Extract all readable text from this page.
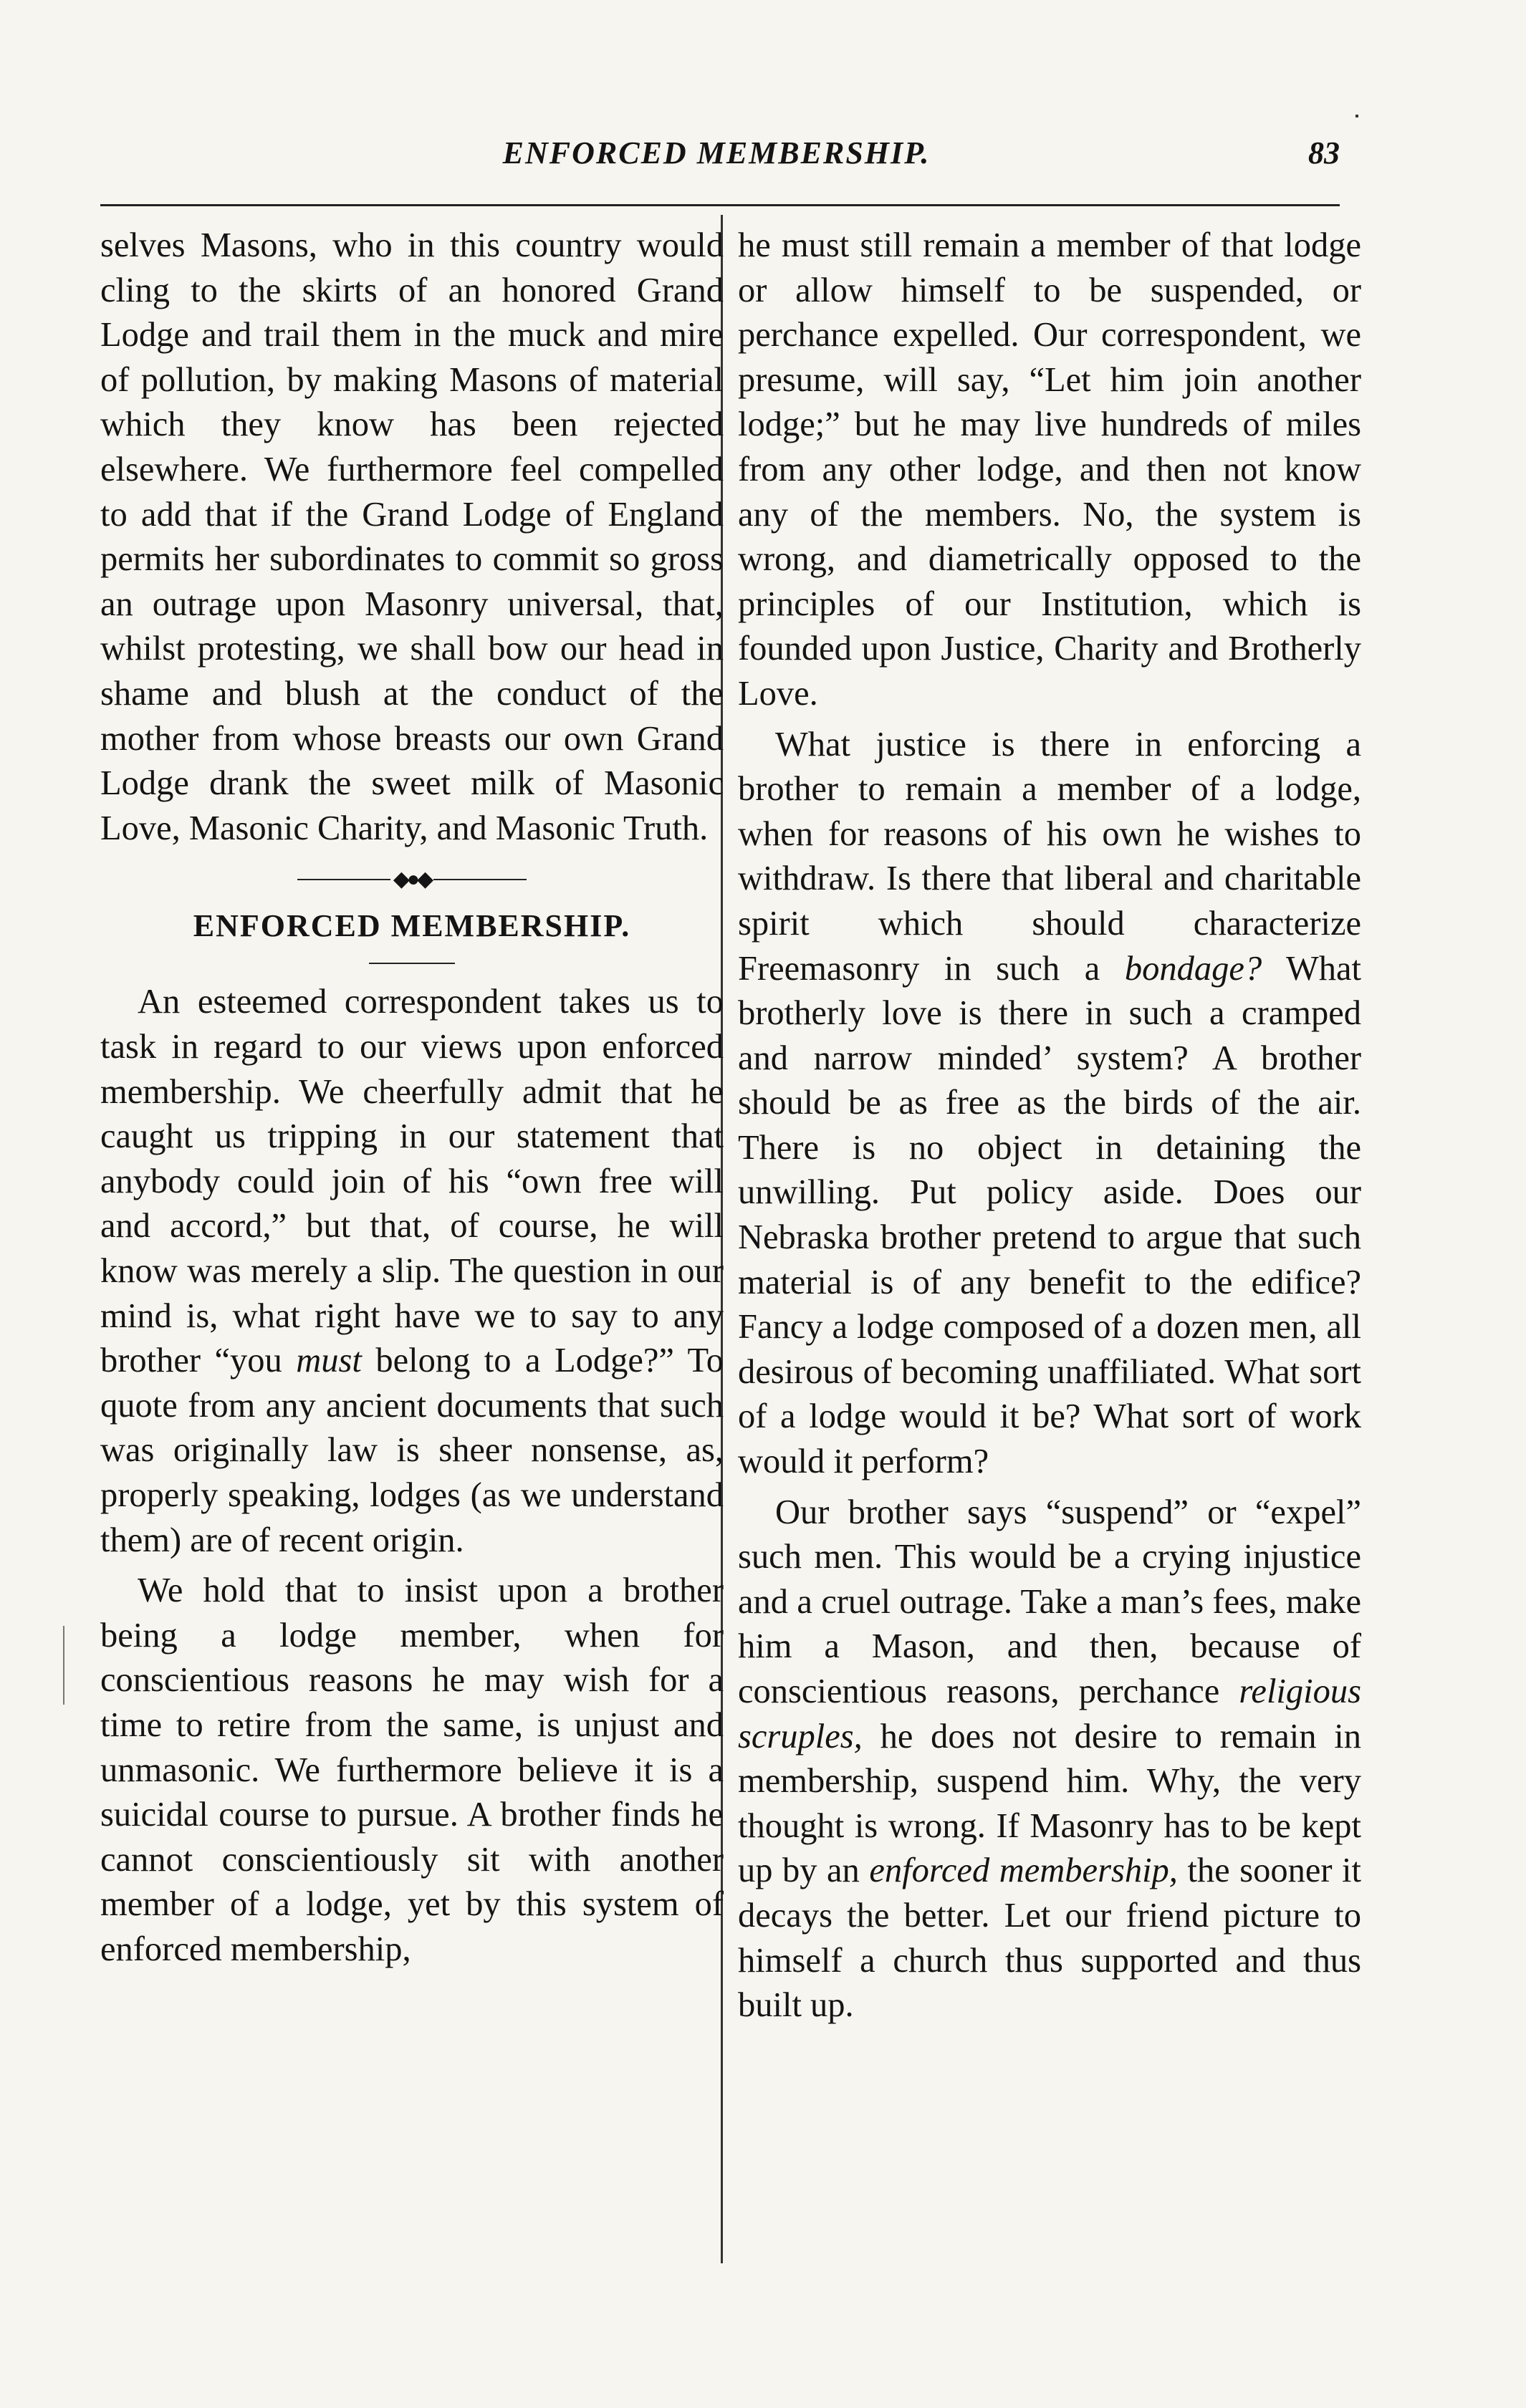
ENFORCED MEMBERSHIP.	83

selves Masons, who in this country would cling to the skirts of an honored Grand Lodge and trail them in the muck and mire of pollution, by making Masons of material which they know has been rejected elsewhere. We furthermore feel compelled to add that if the Grand Lodge of England permits her subordinates to commit so gross an outrage upon Masonry universal, that, whilst protesting, we shall bow our head in shame and blush at the conduct of the mother from whose breasts our own Grand Lodge drank the sweet milk of Masonic Love, Masonic Charity, and Masonic Truth.

◆●◆
ENFORCED MEMBERSHIP.

An esteemed correspondent takes us to task in regard to our views upon enforced membership. We cheerfully admit that he caught us tripping in our statement that anybody could join of his “own free will and accord,” but that, of course, he will know was merely a slip. The question in our mind is, what right have we to say to any brother “you must belong to a Lodge?” To quote from any ancient documents that such was originally law is sheer nonsense, as, properly speaking, lodges (as we understand them) are of recent origin.

We hold that to insist upon a brother being a lodge member, when for conscientious reasons he may wish for a time to retire from the same, is unjust and unmasonic. We furthermore believe it is a suicidal course to pursue. A brother finds he cannot conscientiously sit with another member of a lodge, yet by this system of enforced membership,

he must still remain a member of that lodge or allow himself to be suspended, or perchance expelled. Our correspondent, we presume, will say, “Let him join another lodge;” but he may live hundreds of miles from any other lodge, and then not know any of the members. No, the system is wrong, and diametrically opposed to the principles of our Institution, which is founded upon Justice, Charity and Brotherly Love.

What justice is there in enforcing a brother to remain a member of a lodge, when for reasons of his own he wishes to withdraw. Is there that liberal and charitable spirit which should characterize Freemasonry in such a bondage? What brotherly love is there in such a cramped and narrow minded’ system? A brother should be as free as the birds of the air. There is no object in detaining the unwilling. Put policy aside. Does our Nebraska brother pretend to argue that such material is of any benefit to the edifice? Fancy a lodge composed of a dozen men, all desirous of becoming unaffiliated. What sort of a lodge would it be? What sort of work would it perform?

Our brother says “suspend” or “expel” such men. This would be a crying injustice and a cruel outrage. Take a man’s fees, make him a Mason, and then, because of conscientious reasons, perchance religious scruples, he does not desire to remain in membership, suspend him. Why, the very thought is wrong. If Masonry has to be kept up by an enforced membership, the sooner it decays the better. Let our friend picture to himself a church thus supported and thus built up.
